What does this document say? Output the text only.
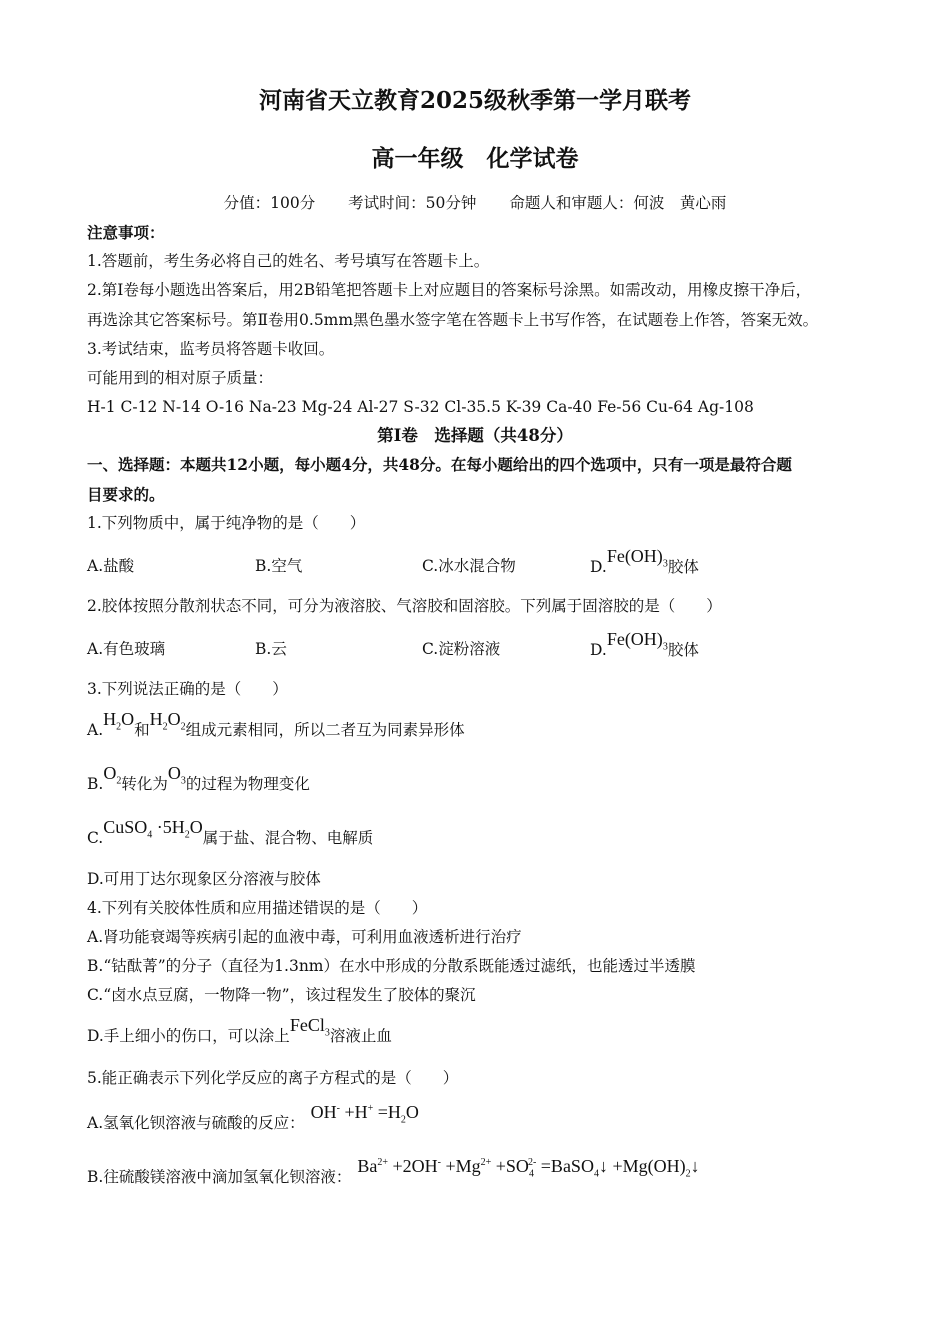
河南省天立教育2025级秋季第一学月联考
高一年级　化学试卷
分值：100分 考试时间：50分钟 命题人和审题人：何波　黄心雨
注意事项：
1.答题前，考生务必将自己的姓名、考号填写在答题卡上。
2.第Ⅰ卷每小题选出答案后，用2B铅笔把答题卡上对应题目的答案标号涂黑。如需改动，用橡皮擦干净后，
再选涂其它答案标号。第Ⅱ卷用0.5mm黑色墨水签字笔在答题卡上书写作答，在试题卷上作答，答案无效。
3.考试结束，监考员将答题卡收回。
可能用到的相对原子质量：
H-1 C-12 N-14 O-16 Na-23 Mg-24 Al-27 S-32 Cl-35.5 K-39 Ca-40 Fe-56 Cu-64 Ag-108
第Ⅰ卷　选择题（共48分）
一、选择题：本题共12小题，每小题4分，共48分。在每小题给出的四个选项中，只有一项是最符合题
目要求的。
1.下列物质中，属于纯净物的是（　　）
A.盐酸	B.空气	C.冰水混合物	$D.Fe(OH)_3$胶体
2.胶体按照分散剂状态不同，可分为液溶胶、气溶胶和固溶胶。下列属于固溶胶的是（　　）
A.有色玻璃	B.云	C.淀粉溶液	$D.Fe(OH)_3$胶体
3.下列说法正确的是（　　）
$A.H_2O$和$H_2O_2$组成元素相同，所以二者互为同素异形体
$B.O_2$转化为$O_3$的过程为物理变化
C.CuSO$_4$ $\cdot 5H_2O$属于盐、混合物、电解质
D.可用丁达尔现象区分溶液与胶体
4.下列有关胶体性质和应用描述错误的是（　　）
A.肾功能衰竭等疾病引起的血液中毒，可利用血液透析进行治疗
B.“钴酞菁”的分子（直径为1.3nm）在水中形成的分散系既能透过滤纸，也能透过半透膜
C.“卤水点豆腐，一物降一物”，该过程发生了胶体的聚沉
D.手上细小的伤口，可以涂上FeCl$_3$溶液止血
5.能正确表示下列化学反应的离子方程式的是（　　）
A.氢氧化钡溶液与硫酸的反应：$OH^- +H^+ =H_2O$
B.往硫酸镁溶液中滴加氢氧化钡溶液：$Ba^{2+} +2OH^- +Mg^{2+} +SO_4^{2-}$ =BaSO$_4$↓ $+Mg(OH)_2↓$
